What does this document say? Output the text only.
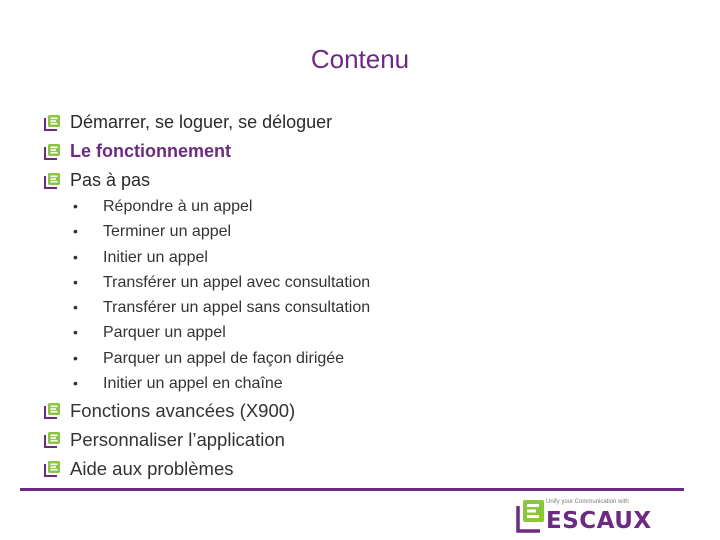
Contenu
Démarrer, se loguer, se déloguer
Le fonctionnement
Pas à pas
• Répondre à un appel
• Terminer un appel
• Initier un appel
• Transférer un appel avec consultation
• Transférer un appel sans consultation
• Parquer un appel
• Parquer un appel de façon dirigée
• Initier un appel en chaîne
Fonctions avancées (X900)
Personnaliser l’application
Aide aux problèmes
Unify your Communication with
ESCAUX
